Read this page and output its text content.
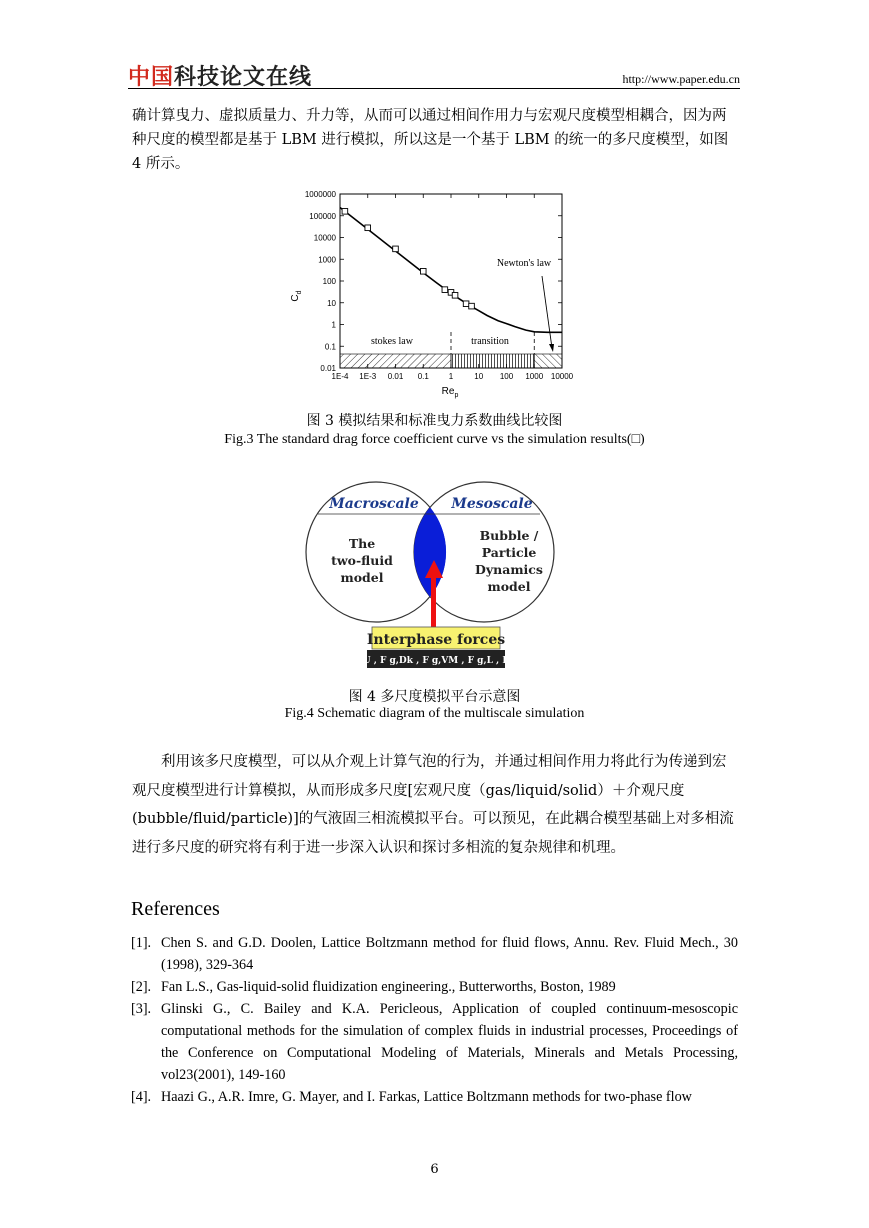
中国科技论文在线	http://www.paper.edu.cn

确计算曳力、虚拟质量力、升力等，从而可以通过相间作用力与宏观尺度模型相耦合，因为两种尺度的模型都是基于 LBM 进行模拟，所以这是一个基于 LBM 的统一的多尺度模型，如图 4 所示。

0.01
0.1
1
10
100
1000
10000
100000
1000000
1E-4 1E-3 0.01 0.1 1	10 100 1000 10000
$C_d$
$Re_p$
stokes law	transition
Newton's law
图 3 模拟结果和标准曳力系数曲线比较图
Fig.3 The standard drag force coefficient curve vs the simulation results(□)
Macroscale Mesoscale
The
two-fluid
model
Bubble /
Particle
Dynamics
model
Interphase forces
F g,BU , F g,Dk , F g,VM , F g,L , F g,DP
图 4 多尺度模拟平台示意图
Fig.4 Schematic diagram of the multiscale simulation

利用该多尺度模型，可以从介观上计算气泡的行为，并通过相间作用力将此行为传递到宏观尺度模型进行计算模拟，从而形成多尺度[宏观尺度（gas/liquid/solid）＋介观尺度(bubble/fluid/particle)]的气液固三相流模拟平台。可以预见，在此耦合模型基础上对多相流进行多尺度的研究将有利于进一步深入认识和探讨多相流的复杂规律和机理。

References
[1]. Chen S. and G.D. Doolen, Lattice Boltzmann method for fluid flows, Annu. Rev. Fluid Mech., 30 (1998), 329-364
[2]. Fan L.S., Gas-liquid-solid fluidization engineering., Butterworths, Boston, 1989
[3]. Glinski G., C. Bailey and K.A. Pericleous, Application of coupled continuum-mesoscopic computational methods for the simulation of complex fluids in industrial processes, Proceedings of the Conference on Computational Modeling of Materials, Minerals and Metals Processing, vol23(2001), 149-160
[4]. Haazi G., A.R. Imre, G. Mayer, and I. Farkas, Lattice Boltzmann methods for two-phase flow
6
